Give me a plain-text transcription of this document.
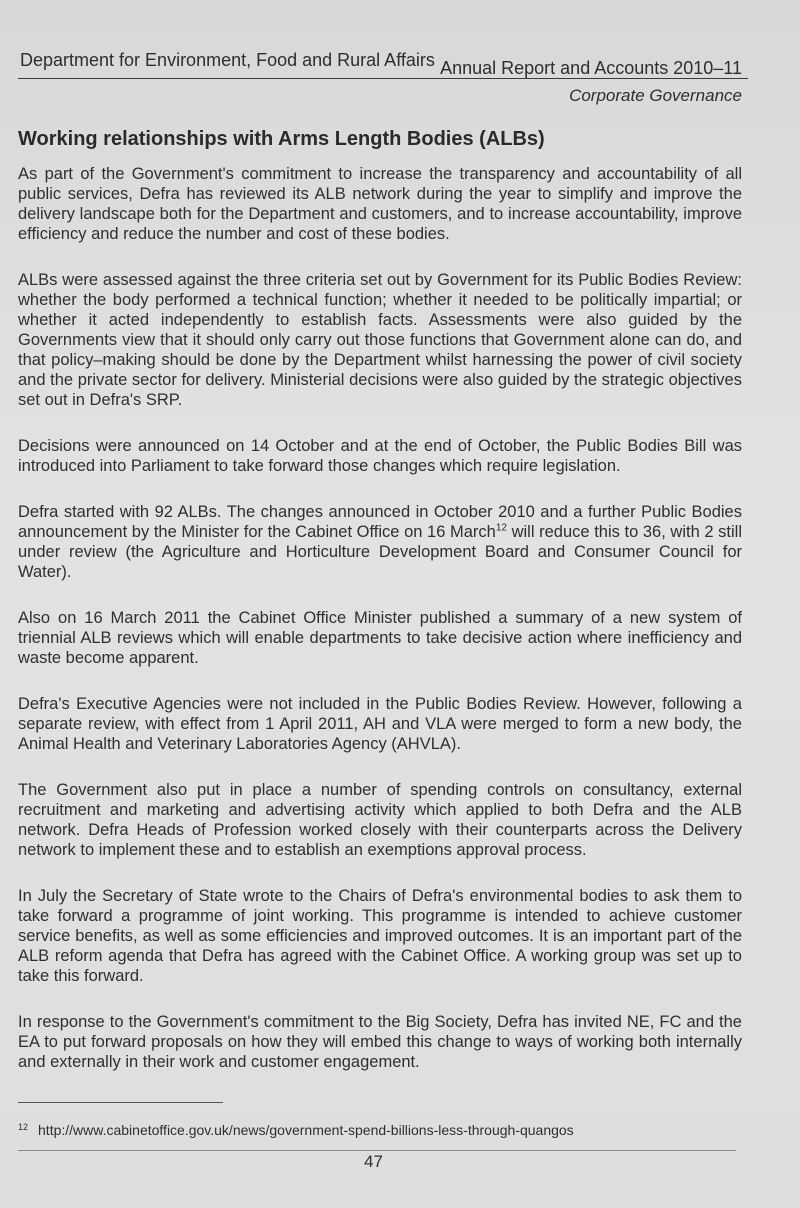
Department for Environment, Food and Rural Affairs Annual Report and Accounts 2010–11
Corporate Governance
Working relationships with Arms Length Bodies (ALBs)

As part of the Government's commitment to increase the transparency and accountability of all public services, Defra has reviewed its ALB network during the year to simplify and improve the delivery landscape both for the Department and customers, and to increase accountability, improve efficiency and reduce the number and cost of these bodies.

ALBs were assessed against the three criteria set out by Government for its Public Bodies Review: whether the body performed a technical function; whether it needed to be politically impartial; or whether it acted independently to establish facts. Assessments were also guided by the Governments view that it should only carry out those functions that Government alone can do, and that policy–making should be done by the Department whilst harnessing the power of civil society and the private sector for delivery. Ministerial decisions were also guided by the strategic objectives set out in Defra's SRP.

Decisions were announced on 14 October and at the end of October, the Public Bodies Bill was introduced into Parliament to take forward those changes which require legislation.

Defra started with 92 ALBs. The changes announced in October 2010 and a further Public Bodies announcement by the Minister for the Cabinet Office on 16 March$^{12}$ will reduce this to 36, with 2 still under review (the Agriculture and Horticulture Development Board and Consumer Council for Water).

Also on 16 March 2011 the Cabinet Office Minister published a summary of a new system of triennial ALB reviews which will enable departments to take decisive action where inefficiency and waste become apparent.

Defra's Executive Agencies were not included in the Public Bodies Review. However, following a separate review, with effect from 1 April 2011, AH and VLA were merged to form a new body, the Animal Health and Veterinary Laboratories Agency (AHVLA).

The Government also put in place a number of spending controls on consultancy, external recruitment and marketing and advertising activity which applied to both Defra and the ALB network. Defra Heads of Profession worked closely with their counterparts across the Delivery network to implement these and to establish an exemptions approval process.

In July the Secretary of State wrote to the Chairs of Defra's environmental bodies to ask them to take forward a programme of joint working. This programme is intended to achieve customer service benefits, as well as some efficiencies and improved outcomes. It is an important part of the ALB reform agenda that Defra has agreed with the Cabinet Office. A working group was set up to take this forward.

In response to the Government's commitment to the Big Society, Defra has invited NE, FC and the EA to put forward proposals on how they will embed this change to ways of working both internally and externally in their work and customer engagement.

$^{12}$ http://www.cabinetoffice.gov.uk/news/government-spend-billions-less-through-quangos
47
